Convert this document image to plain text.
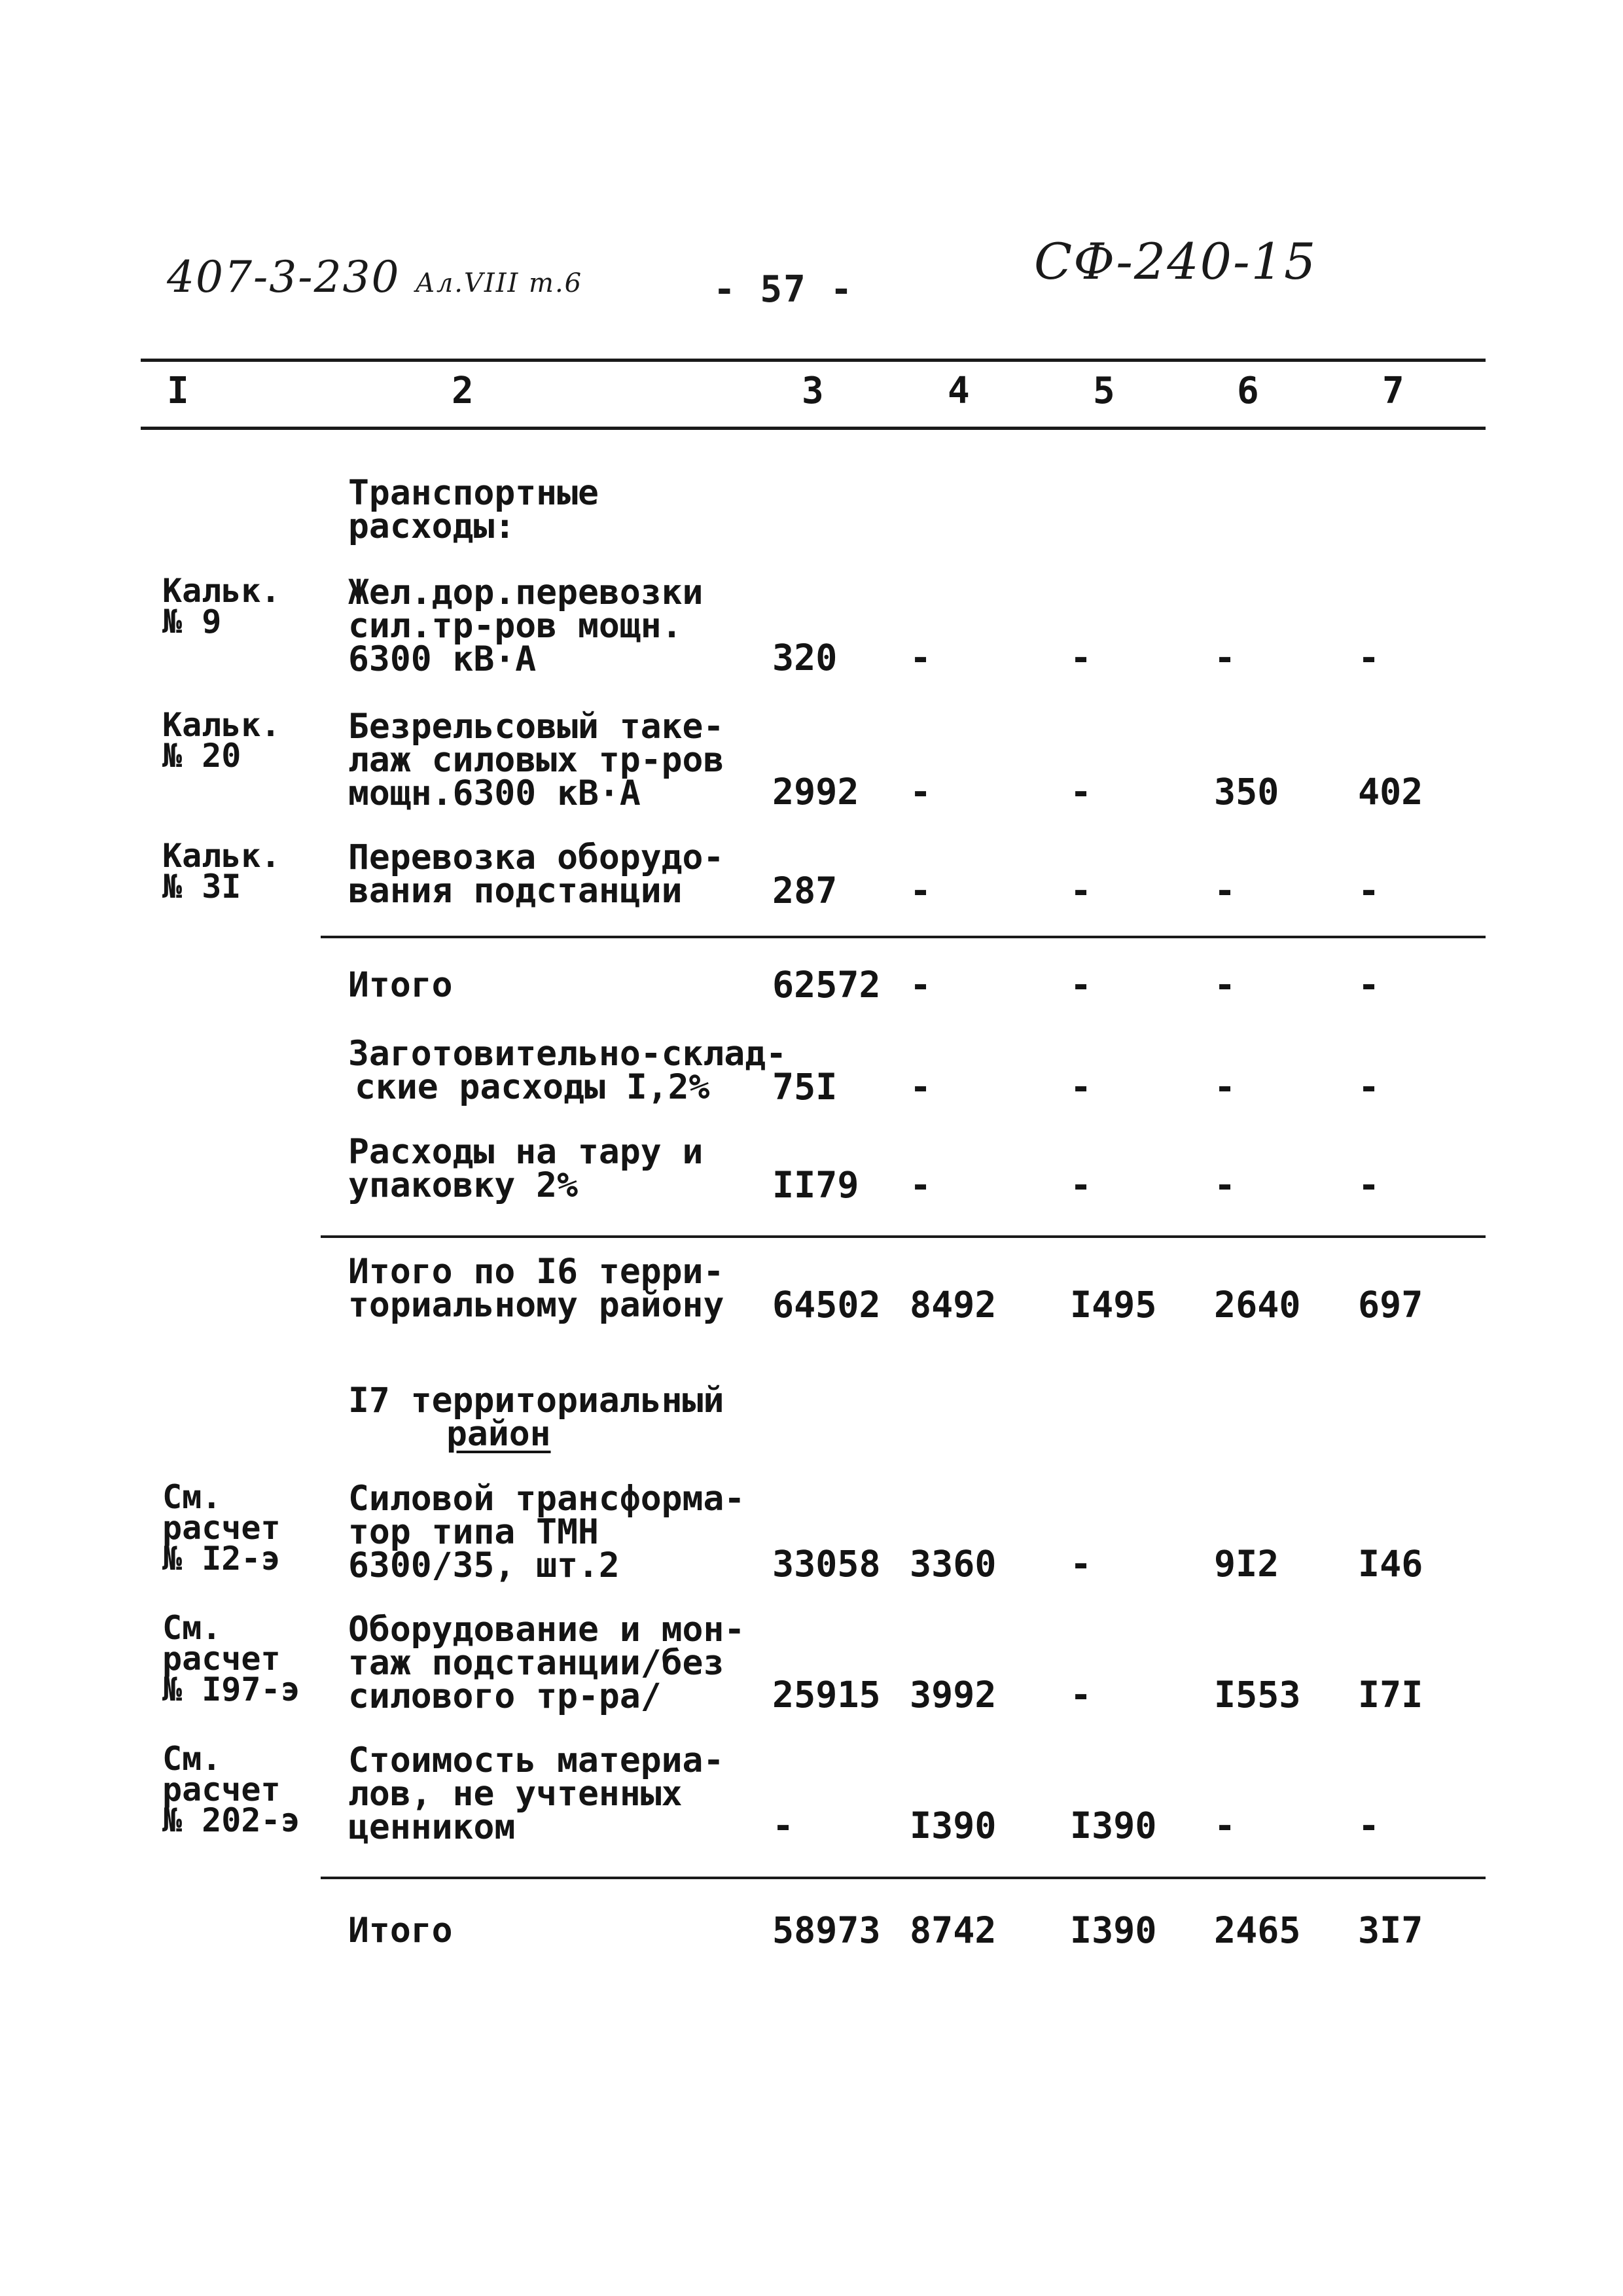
407-3-230 Ал.VIII т.6	- 57 -	СФ-240-15
I	2	3	4	5	6	7
Транспортные
расходы:
Кальк.
№ 9
Жел.дор.перевозки
сил.тр-ров мощн.
6300 кВ·А	320 -	-	-	-
Кальк.
№ 20
Безрельсовый таке-
лаж силовых тр-ров
мощн.6300 кВ·А	2992 -	-	350 402
Кальк.
№ 3I
Перевозка оборудо-
вания подстанции	287 -	-	-	-
Итого	62572 -	-	-	-
Заготовительно-склад-
ские расходы I,2%	75I -	-	-	-
Расходы на тару и
упаковку 2%	II79 -	-	-	-
Итого по I6 терри-
ториальному району 64502 8492 I495 2640 697
I7 территориальный
район
См.
расчет
№ I2-э
Силовой трансформа-
тор типа ТМН
6300/35, шт.2	33058 3360 -	9I2 I46
См.
расчет
№ I97-э
Оборудование и мон-
таж подстанции/без
силового тр-ра/	25915 3992 -	I553 I7I
См.
расчет
№ 202-э
Стоимость материа-
лов, не учтенных
ценником	-	I390 I390 -	-
Итого	58973 8742 I390 2465 3I7
